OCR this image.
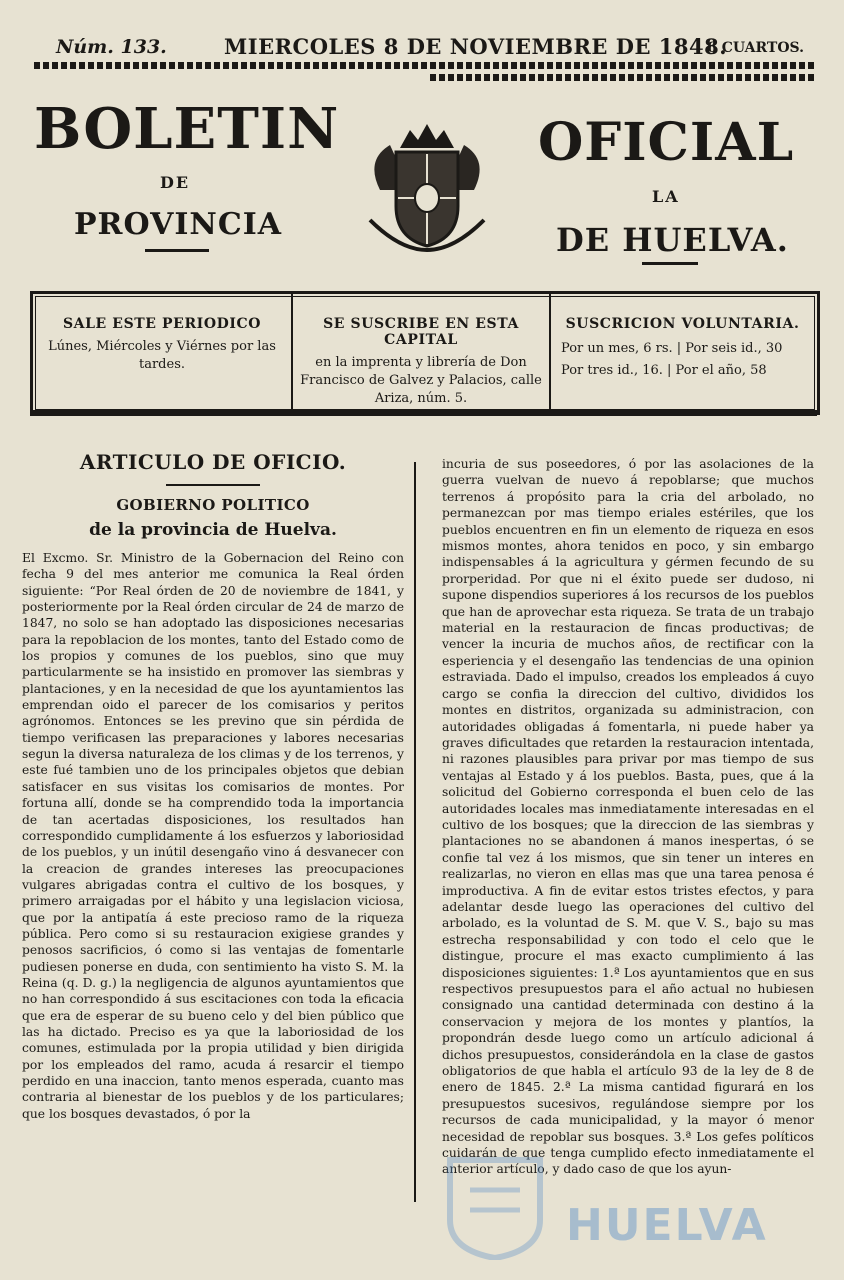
Núm. 133.	MIERCOLES 8 DE NOVIEMBRE DE 1848.
6 CUARTOS.
BOLETIN	OFICIAL
DE
LA
PROVINCIA	DE HUELVA.
SALE ESTE PERIODICO
Lúnes, Miércoles y Viérnes por las tardes.
SE SUSCRIBE EN ESTA CAPITAL
en la imprenta y librería de Don Francisco de Galvez y Palacios, calle Ariza, núm. 5.
SUSCRICION VOLUNTARIA.
Por un mes, 6 rs. | Por seis id., 30
Por tres id., 16. | Por el año, 58
ARTICULO DE OFICIO.
GOBIERNO POLITICO
de la provincia de Huelva.

El Excmo. Sr. Ministro de la Gobernacion del Reino con fecha 9 del mes anterior me comunica la Real órden siguiente: “Por Real órden de 20 de noviembre de 1841, y posteriormente por la Real órden circular de 24 de marzo de 1847, no solo se han adoptado las disposiciones necesarias para la repoblacion de los montes, tanto del Estado como de los propios y comunes de los pueblos, sino que muy particularmente se ha insistido en promover las siembras y plantaciones, y en la necesidad de que los ayuntamientos las emprendan oido el parecer de los comisarios y peritos agrónomos. Entonces se les previno que sin pérdida de tiempo verificasen las preparaciones y labores necesarias segun la diversa naturaleza de los climas y de los terrenos, y este fué tambien uno de los principales objetos que debian satisfacer en sus visitas los comisarios de montes. Por fortuna allí, donde se ha comprendido toda la importancia de tan acertadas disposiciones, los resultados han correspondido cumplidamente á los esfuerzos y laboriosidad de los pueblos, y un inútil desengaño vino á desvanecer con la creacion de grandes intereses las preocupaciones vulgares abrigadas contra el cultivo de los bosques, y primero arraigadas por el hábito y una legislacion viciosa, que por la antipatía á este precioso ramo de la riqueza pública. Pero como si su restauracion exigiese grandes y penosos sacrificios, ó como si las ventajas de fomentarle pudiesen ponerse en duda, con sentimiento ha visto S. M. la Reina (q. D. g.) la negligencia de algunos ayuntamientos que no han correspondido á sus escitaciones con toda la eficacia que era de esperar de su bueno celo y del bien público que las ha dictado. Preciso es ya que la laboriosidad de los comunes, estimulada por la propia utilidad y bien dirigida por los empleados del ramo, acuda á resarcir el tiempo perdido en una inaccion, tanto menos esperada, cuanto mas contraria al bienestar de los pueblos y de los particulares; que los bosques devastados, ó por la

incuria de sus poseedores, ó por las asolaciones de la guerra vuelvan de nuevo á repoblarse; que muchos terrenos á propósito para la cria del arbolado, no permanezcan por mas tiempo eriales estériles, que los pueblos encuentren en fin un elemento de riqueza en esos mismos montes, ahora tenidos en poco, y sin embargo indispensables á la agricultura y gérmen fecundo de su prorperidad. Por que ni el éxito puede ser dudoso, ni supone dispendios superiores á los recursos de los pueblos que han de aprovechar esta riqueza. Se trata de un trabajo material en la restauracion de fincas productivas; de vencer la incuria de muchos años, de rectificar con la esperiencia y el desengaño las tendencias de una opinion estraviada. Dado el impulso, creados los empleados á cuyo cargo se confia la direccion del cultivo, divididos los montes en distritos, organizada su administracion, con autoridades obligadas á fomentarla, ni puede haber ya graves dificultades que retarden la restauracion intentada, ni razones plausibles para privar por mas tiempo de sus ventajas al Estado y á los pueblos. Basta, pues, que á la solicitud del Gobierno corresponda el buen celo de las autoridades locales mas inmediatamente interesadas en el cultivo de los bosques; que la direccion de las siembras y plantaciones no se abandonen á manos inespertas, ó se confie tal vez á los mismos, que sin tener un interes en realizarlas, no vieron en ellas mas que una tarea penosa é improductiva. A fin de evitar estos tristes efectos, y para adelantar desde luego las operaciones del cultivo del arbolado, es la voluntad de S. M. que V. S., bajo su mas estrecha responsabilidad y con todo el celo que le distingue, procure el mas exacto cumplimiento á las disposiciones siguientes: 1.ª Los ayuntamientos que en sus respectivos presupuestos para el año actual no hubiesen consignado una cantidad determinada con destino á la conservacion y mejora de los montes y plantíos, la propondrán desde luego como un artículo adicional á dichos presupuestos, considerándola en la clase de gastos obligatorios de que habla el artículo 93 de la ley de 8 de enero de 1845. 2.ª La misma cantidad figurará en los presupuestos sucesivos, regulándose siempre por los recursos de cada municipalidad, y la mayor ó menor necesidad de repoblar sus bosques. 3.ª Los gefes políticos cuidarán de que tenga cumplido efecto inmediatamente el anterior artículo, y dado caso de que los ayun-

HUELVA
